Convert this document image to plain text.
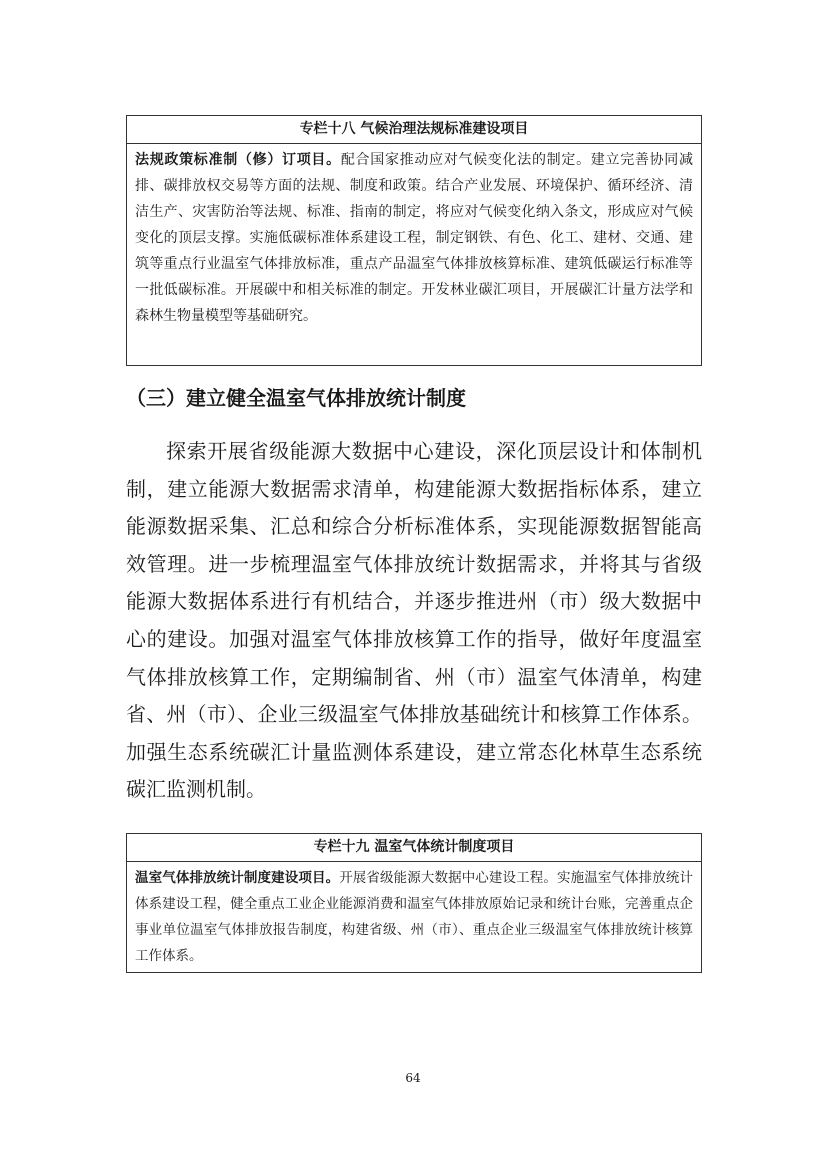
专栏十八 气候治理法规标准建设项目
法规政策标准制（修）订项目。配合国家推动应对气候变化法的制定。建立完善协同减排、碳排放权交易等方面的法规、制度和政策。结合产业发展、环境保护、循环经济、清洁生产、灾害防治等法规、标准、指南的制定，将应对气候变化纳入条文，形成应对气候变化的顶层支撑。实施低碳标准体系建设工程，制定钢铁、有色、化工、建材、交通、建筑等重点行业温室气体排放标准，重点产品温室气体排放核算标准、建筑低碳运行标准等一批低碳标准。开展碳中和相关标准的制定。开发林业碳汇项目，开展碳汇计量方法学和森林生物量模型等基础研究。
（三）建立健全温室气体排放统计制度

探索开展省级能源大数据中心建设，深化顶层设计和体制机制，建立能源大数据需求清单，构建能源大数据指标体系，建立能源数据采集、汇总和综合分析标准体系，实现能源数据智能高效管理。进一步梳理温室气体排放统计数据需求，并将其与省级能源大数据体系进行有机结合，并逐步推进州（市）级大数据中心的建设。加强对温室气体排放核算工作的指导，做好年度温室气体排放核算工作，定期编制省、州（市）温室气体清单，构建省、州（市）、企业三级温室气体排放基础统计和核算工作体系。加强生态系统碳汇计量监测体系建设，建立常态化林草生态系统碳汇监测机制。

专栏十九 温室气体统计制度项目
温室气体排放统计制度建设项目。开展省级能源大数据中心建设工程。实施温室气体排放统计体系建设工程，健全重点工业企业能源消费和温室气体排放原始记录和统计台账，完善重点企事业单位温室气体排放报告制度，构建省级、州（市）、重点企业三级温室气体排放统计核算工作体系。
64
